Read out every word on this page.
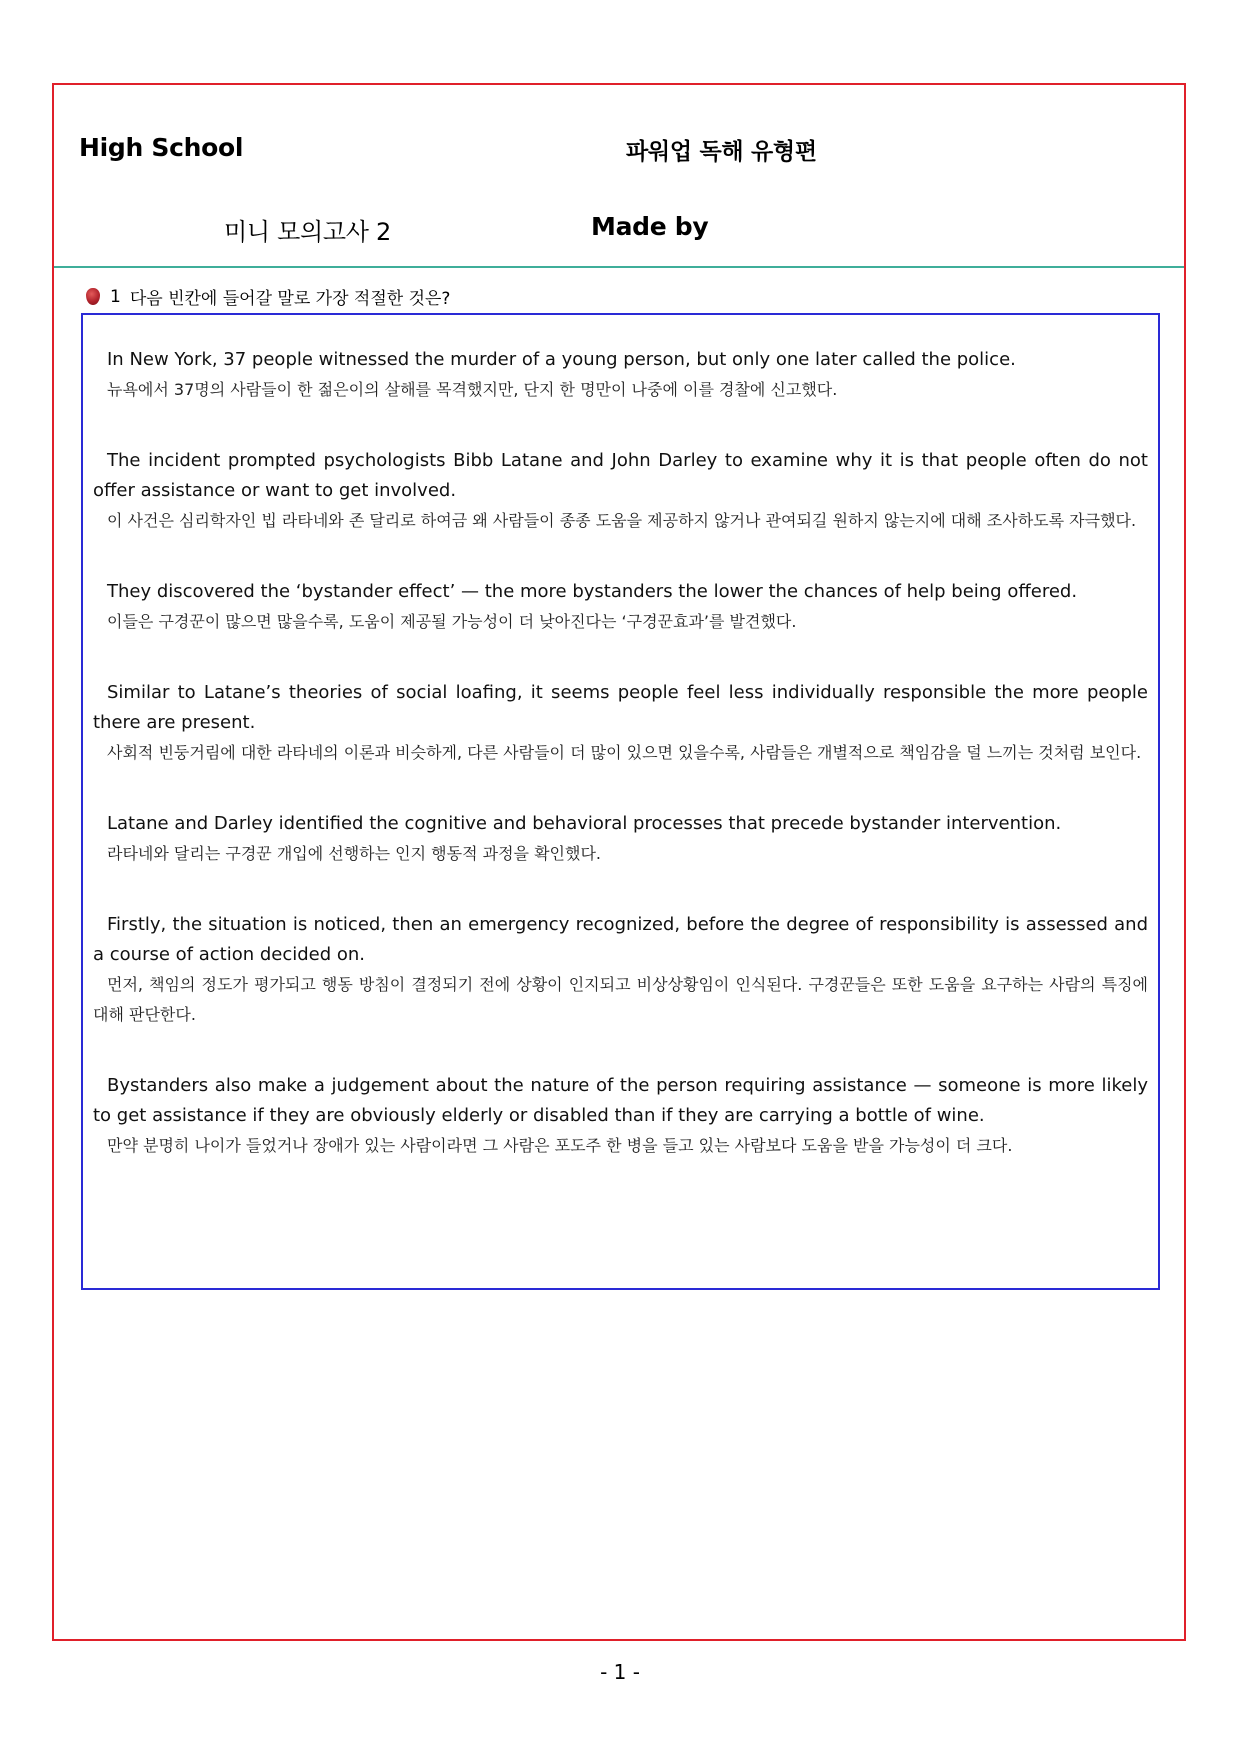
High School	파워업 독해 유형편
미니 모의고사 2	Made by
1 다음 빈칸에 들어갈 말로 가장 적절한 것은?
In New York, 37 people witnessed the murder of a young person, but only one later called the police.
뉴욕에서 37명의 사람들이 한 젊은이의 살해를 목격했지만, 단지 한 명만이 나중에 이를 경찰에 신고했다.
The incident prompted psychologists Bibb Latane and John Darley to examine why it is that people often do not offer assistance or want to get involved.
이 사건은 심리학자인 빕 라타네와 존 달리로 하여금 왜 사람들이 종종 도움을 제공하지 않거나 관여되길 원하지 않는지에 대해 조사하도록 자극했다.
They discovered the ‘bystander effect’ — the more bystanders the lower the chances of help being offered.
이들은 구경꾼이 많으면 많을수록, 도움이 제공될 가능성이 더 낮아진다는 ‘구경꾼효과’를 발견했다.
Similar to Latane’s theories of social loafing, it seems people feel less individually responsible the more people there are present.
사회적 빈둥거림에 대한 라타네의 이론과 비슷하게, 다른 사람들이 더 많이 있으면 있을수록, 사람들은 개별적으로 책임감을 덜 느끼는 것처럼 보인다.
Latane and Darley identified the cognitive and behavioral processes that precede bystander intervention.
라타네와 달리는 구경꾼 개입에 선행하는 인지 행동적 과정을 확인했다.
Firstly, the situation is noticed, then an emergency recognized, before the degree of responsibility is assessed and a course of action decided on.
먼저, 책임의 정도가 평가되고 행동 방침이 결정되기 전에 상황이 인지되고 비상상황임이 인식된다. 구경꾼들은 또한 도움을 요구하는 사람의 특징에 대해 판단한다.
Bystanders also make a judgement about the nature of the person requiring assistance — someone is more likely to get assistance if they are obviously elderly or disabled than if they are carrying a bottle of wine.
만약 분명히 나이가 들었거나 장애가 있는 사람이라면 그 사람은 포도주 한 병을 들고 있는 사람보다 도움을 받을 가능성이 더 크다.
- 1 -
